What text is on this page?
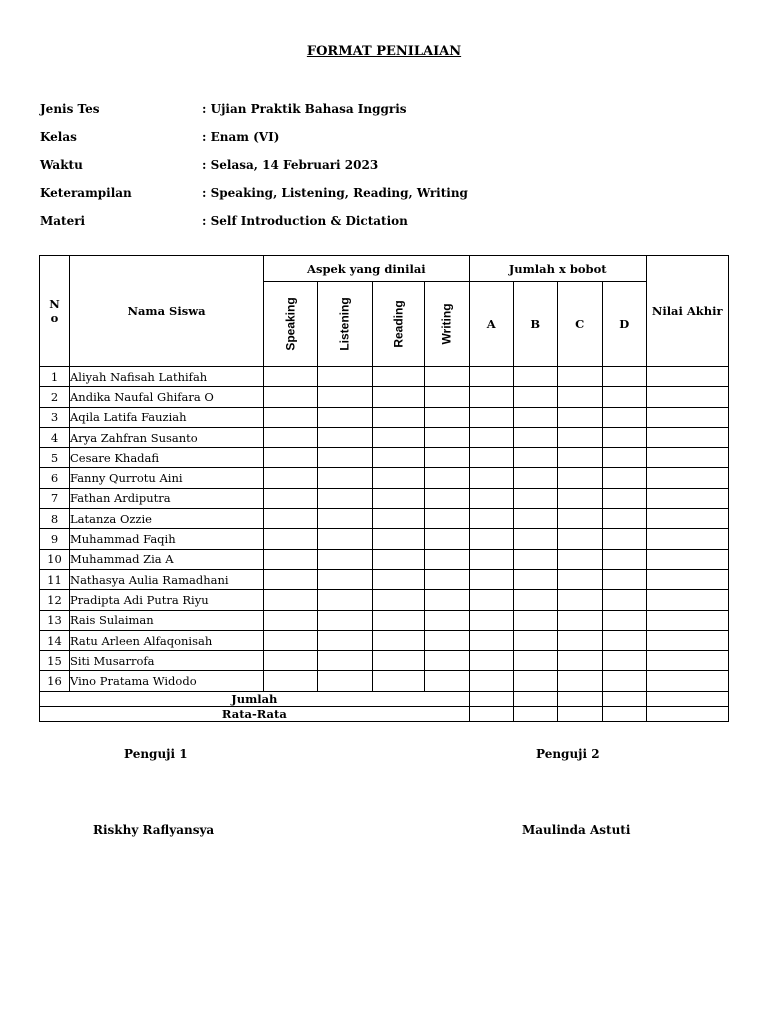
FORMAT PENILAIAN
Jenis Tes	: Ujian Praktik Bahasa Inggris
Kelas	: Enam (VI)
Waktu	: Selasa, 14 Februari 2023
Keterampilan	: Speaking, Listening, Reading, Writing
Materi	: Self Introduction & Dictation
N o	Nama Siswa	Aspek yang dinilai				Jumlah x bobot				Nilai Akhir
		Speaking	Listening	Reading	Writing	A	B	C	D	
1	Aliyah Nafisah Lathifah									
2	Andika Naufal Ghifara O									
3	Aqila Latifa Fauziah									
4	Arya Zahfran Susanto									
5	Cesare Khadafi									
6	Fanny Qurrotu Aini									
7	Fathan Ardiputra									
8	Latanza Ozzie									
9	Muhammad Faqih									
10	Muhammad Zia A									
11	Nathasya Aulia Ramadhani									
12	Pradipta Adi Putra Riyu									
13	Rais Sulaiman									
14	Ratu Arleen Alfaqonisah									
15	Siti Musarrofa									
16	Vino Pratama Widodo									
Jumlah										
Rata-Rata										
Penguji 1	Penguji 2
Riskhy Raflyansya	Maulinda Astuti
